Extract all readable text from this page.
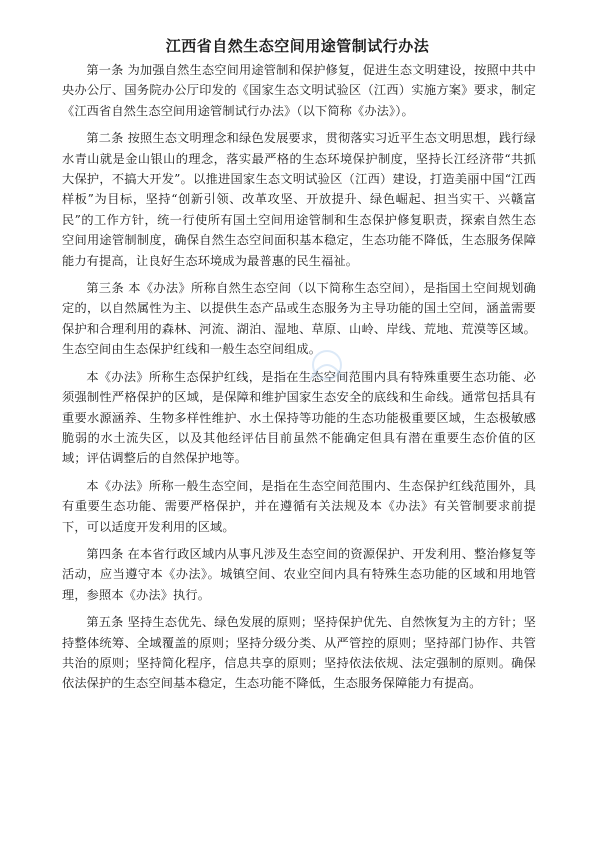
江西省自然生态空间用途管制试行办法

第一条 为加强自然生态空间用途管制和保护修复，促进生态文明建设，按照中共中央办公厅、国务院办公厅印发的《国家生态文明试验区（江西）实施方案》要求，制定《江西省自然生态空间用途管制试行办法》（以下简称《办法》）。

第二条 按照生态文明理念和绿色发展要求，贯彻落实习近平生态文明思想，践行绿水青山就是金山银山的理念，落实最严格的生态环境保护制度，坚持长江经济带“共抓大保护，不搞大开发”。以推进国家生态文明试验区（江西）建设，打造美丽中国“江西样板”为目标，坚持“创新引领、改革攻坚、开放提升、绿色崛起、担当实干、兴赣富民”的工作方针，统一行使所有国土空间用途管制和生态保护修复职责，探索自然生态空间用途管制制度，确保自然生态空间面积基本稳定，生态功能不降低，生态服务保障能力有提高，让良好生态环境成为最普惠的民生福祉。

第三条 本《办法》所称自然生态空间（以下简称生态空间），是指国土空间规划确定的，以自然属性为主、以提供生态产品或生态服务为主导功能的国土空间，涵盖需要保护和合理利用的森林、河流、湖泊、湿地、草原、山岭、岸线、荒地、荒漠等区域。生态空间由生态保护红线和一般生态空间组成。

本《办法》所称生态保护红线，是指在生态空间范围内具有特殊重要生态功能、必须强制性严格保护的区域，是保障和维护国家生态安全的底线和生命线。通常包括具有重要水源涵养、生物多样性维护、水土保持等功能的生态功能极重要区域，生态极敏感脆弱的水土流失区，以及其他经评估目前虽然不能确定但具有潜在重要生态价值的区域；评估调整后的自然保护地等。

本《办法》所称一般生态空间，是指在生态空间范围内、生态保护红线范围外，具有重要生态功能、需要严格保护，并在遵循有关法规及本《办法》有关管制要求前提下，可以适度开发利用的区域。

第四条 在本省行政区域内从事凡涉及生态空间的资源保护、开发利用、整治修复等活动，应当遵守本《办法》。城镇空间、农业空间内具有特殊生态功能的区域和用地管理，参照本《办法》执行。

第五条 坚持生态优先、绿色发展的原则；坚持保护优先、自然恢复为主的方针；坚持整体统筹、全域覆盖的原则；坚持分级分类、从严管控的原则；坚持部门协作、共管共治的原则；坚持简化程序，信息共享的原则；坚持依法依规、法定强制的原则。确保依法保护的生态空间基本稳定，生态功能不降低，生态服务保障能力有提高。
